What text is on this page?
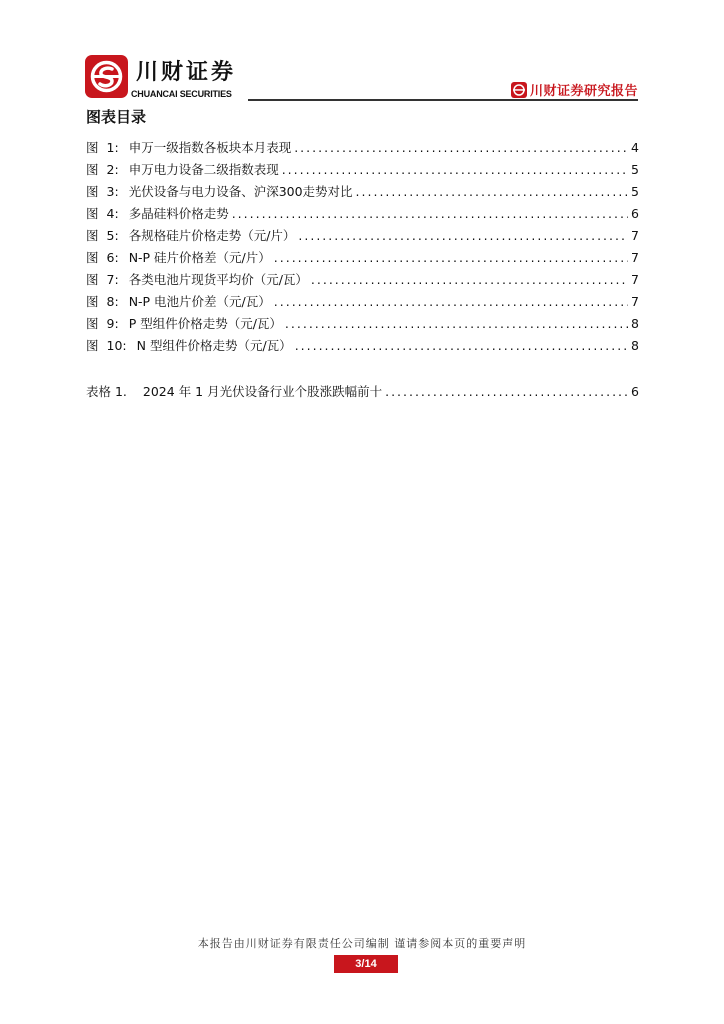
川财证券
CHUANCAI SECURITIES	川财证券研究报告
图表目录
图 1: 申万一级指数各板块本月表现 .....	4
图 2: 申万电力设备二级指数表现 .....	5
图 3: 光伏设备与电力设备、沪深300走势对比 .....	5
图 4: 多晶硅料价格走势 .....	6
图 5: 各规格硅片价格走势（元/片） .....	7
图 6: N-P 硅片价格差（元/片） .....	7
图 7: 各类电池片现货平均价（元/瓦） .....	7
图 8: N-P 电池片价差（元/瓦） .....	7
图 9: P 型组件价格走势（元/瓦） .....	8
图 10: N 型组件价格走势（元/瓦） .....	8
表格 1.	2024 年 1 月光伏设备行业个股涨跌幅前十 .....	6
本报告由川财证券有限责任公司编制 谨请参阅本页的重要声明
3/14
